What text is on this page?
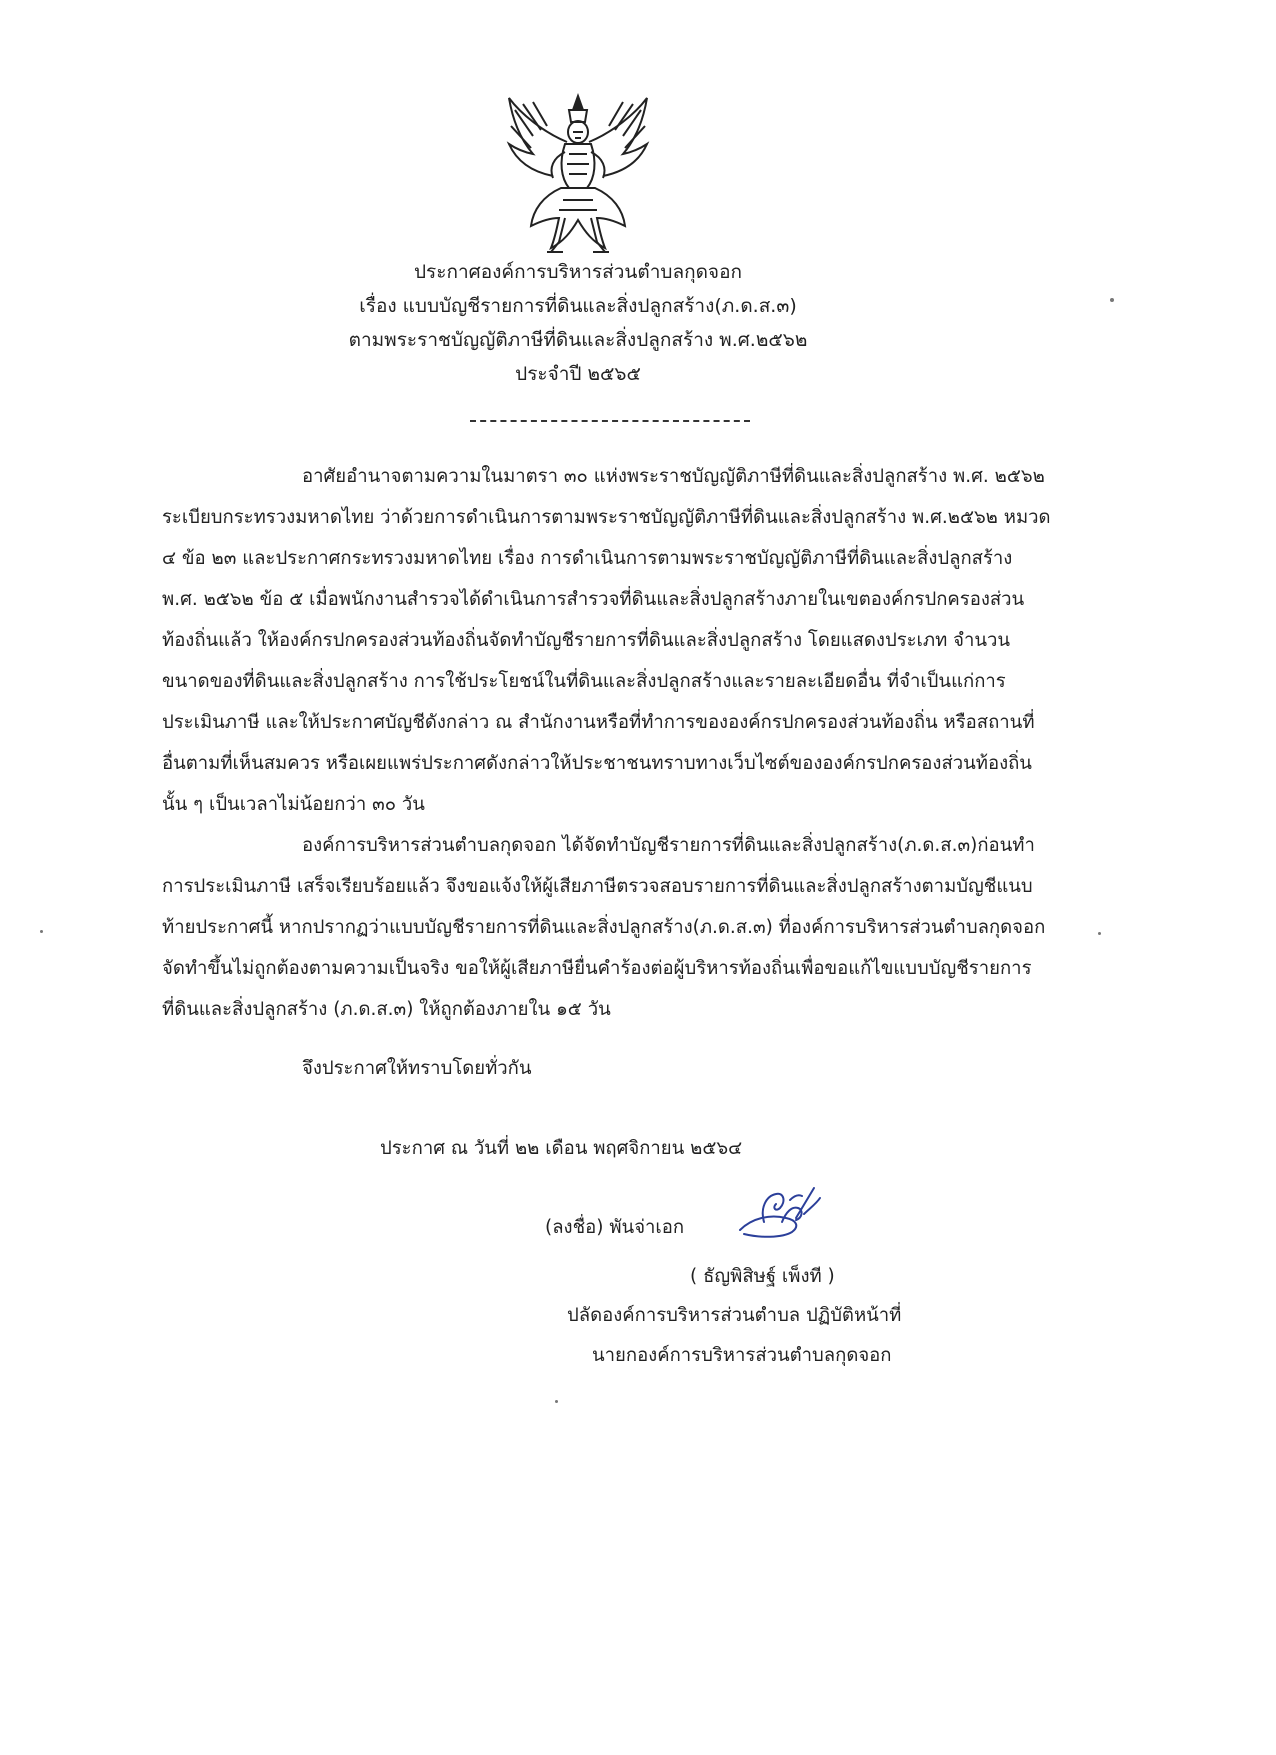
ประกาศองค์การบริหารส่วนตำบลกุดจอก
เรื่อง แบบบัญชีรายการที่ดินและสิ่งปลูกสร้าง(ภ.ด.ส.๓)
ตามพระราชบัญญัติภาษีที่ดินและสิ่งปลูกสร้าง พ.ศ.๒๕๖๒
ประจำปี ๒๕๖๕
อาศัยอำนาจตามความในมาตรา ๓๐ แห่งพระราชบัญญัติภาษีที่ดินและสิ่งปลูกสร้าง พ.ศ. ๒๕๖๒
ระเบียบกระทรวงมหาดไทย ว่าด้วยการดำเนินการตามพระราชบัญญัติภาษีที่ดินและสิ่งปลูกสร้าง พ.ศ.๒๕๖๒ หมวด
๔ ข้อ ๒๓ และประกาศกระทรวงมหาดไทย เรื่อง การดำเนินการตามพระราชบัญญัติภาษีที่ดินและสิ่งปลูกสร้าง
พ.ศ. ๒๕๖๒ ข้อ ๕ เมื่อพนักงานสำรวจได้ดำเนินการสำรวจที่ดินและสิ่งปลูกสร้างภายในเขตองค์กรปกครองส่วน
ท้องถิ่นแล้ว ให้องค์กรปกครองส่วนท้องถิ่นจัดทำบัญชีรายการที่ดินและสิ่งปลูกสร้าง โดยแสดงประเภท จำนวน
ขนาดของที่ดินและสิ่งปลูกสร้าง การใช้ประโยชน์ในที่ดินและสิ่งปลูกสร้างและรายละเอียดอื่น ที่จำเป็นแก่การ
ประเมินภาษี และให้ประกาศบัญชีดังกล่าว ณ สำนักงานหรือที่ทำการขององค์กรปกครองส่วนท้องถิ่น หรือสถานที่
อื่นตามที่เห็นสมควร หรือเผยแพร่ประกาศดังกล่าวให้ประชาชนทราบทางเว็บไซต์ขององค์กรปกครองส่วนท้องถิ่น
นั้น ๆ เป็นเวลาไม่น้อยกว่า ๓๐ วัน
องค์การบริหารส่วนตำบลกุดจอก ได้จัดทำบัญชีรายการที่ดินและสิ่งปลูกสร้าง(ภ.ด.ส.๓)ก่อนทำ
การประเมินภาษี เสร็จเรียบร้อยแล้ว จึงขอแจ้งให้ผู้เสียภาษีตรวจสอบรายการที่ดินและสิ่งปลูกสร้างตามบัญชีแนบ
ท้ายประกาศนี้ หากปรากฏว่าแบบบัญชีรายการที่ดินและสิ่งปลูกสร้าง(ภ.ด.ส.๓) ที่องค์การบริหารส่วนตำบลกุดจอก
จัดทำขึ้นไม่ถูกต้องตามความเป็นจริง ขอให้ผู้เสียภาษียื่นคำร้องต่อผู้บริหารท้องถิ่นเพื่อขอแก้ไขแบบบัญชีรายการ
ที่ดินและสิ่งปลูกสร้าง (ภ.ด.ส.๓) ให้ถูกต้องภายใน ๑๕ วัน
จึงประกาศให้ทราบโดยทั่วกัน
ประกาศ ณ วันที่ ๒๒ เดือน พฤศจิกายน ๒๕๖๔
(ลงชื่อ) พันจ่าเอก
( ธัญพิสิษฐ์ เพ็งที )
ปลัดองค์การบริหารส่วนตำบล ปฏิบัติหน้าที่
นายกองค์การบริหารส่วนตำบลกุดจอก
